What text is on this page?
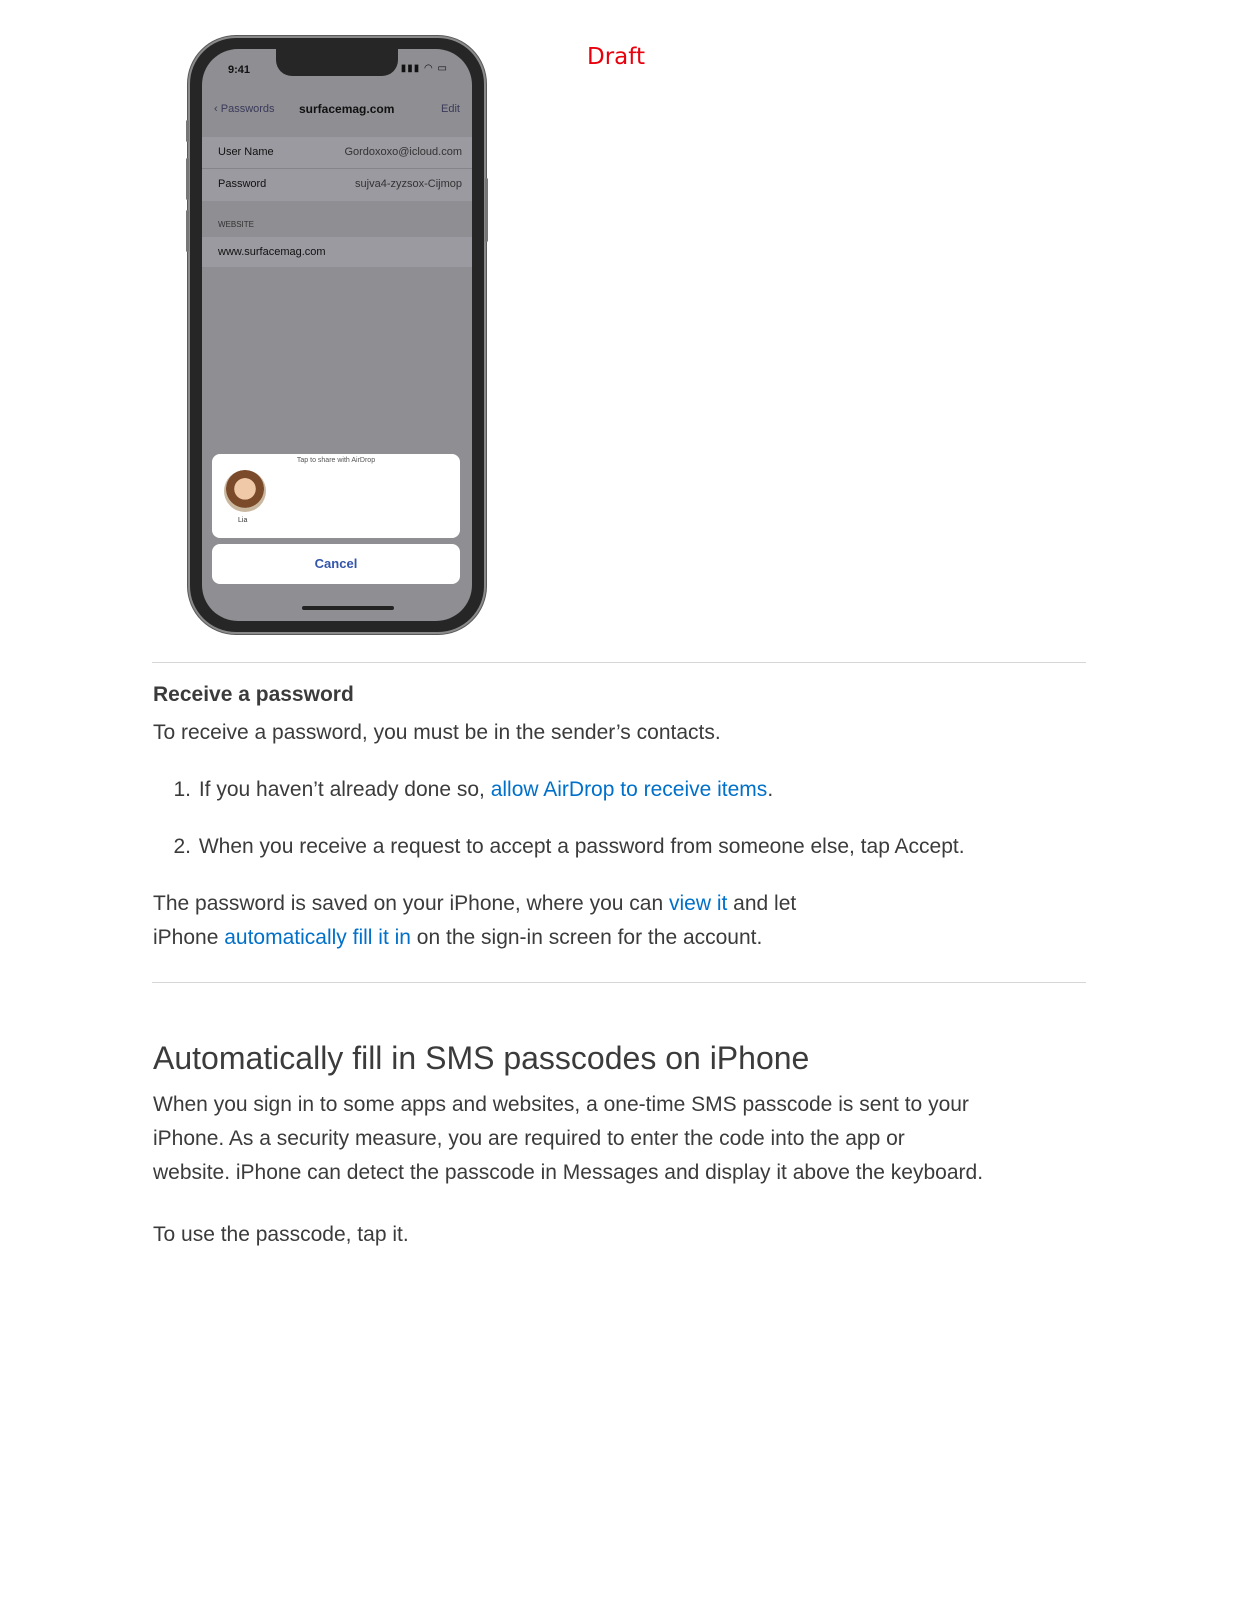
Draft
9:41	▮▮▮ ◠ ▭
‹ Passwords surfacemag.com	Edit
User Name	Gordoxoxo@icloud.com
Password	sujva4-zyzsox-Cijmop
WEBSITE
www.surfacemag.com
Tap to share with AirDrop
Lia
Cancel
Receive a password

To receive a password, you must be in the sender’s contacts.

1. If you haven’t already done so, allow AirDrop to receive items.
2. When you receive a request to accept a password from someone else, tap Accept.

The password is saved on your iPhone, where you can view it and let
iPhone automatically fill it in on the sign-in screen for the account.

Automatically fill in SMS passcodes on iPhone

When you sign in to some apps and websites, a one-time SMS passcode is sent to your
iPhone. As a security measure, you are required to enter the code into the app or
website. iPhone can detect the passcode in Messages and display it above the keyboard.

To use the passcode, tap it.
